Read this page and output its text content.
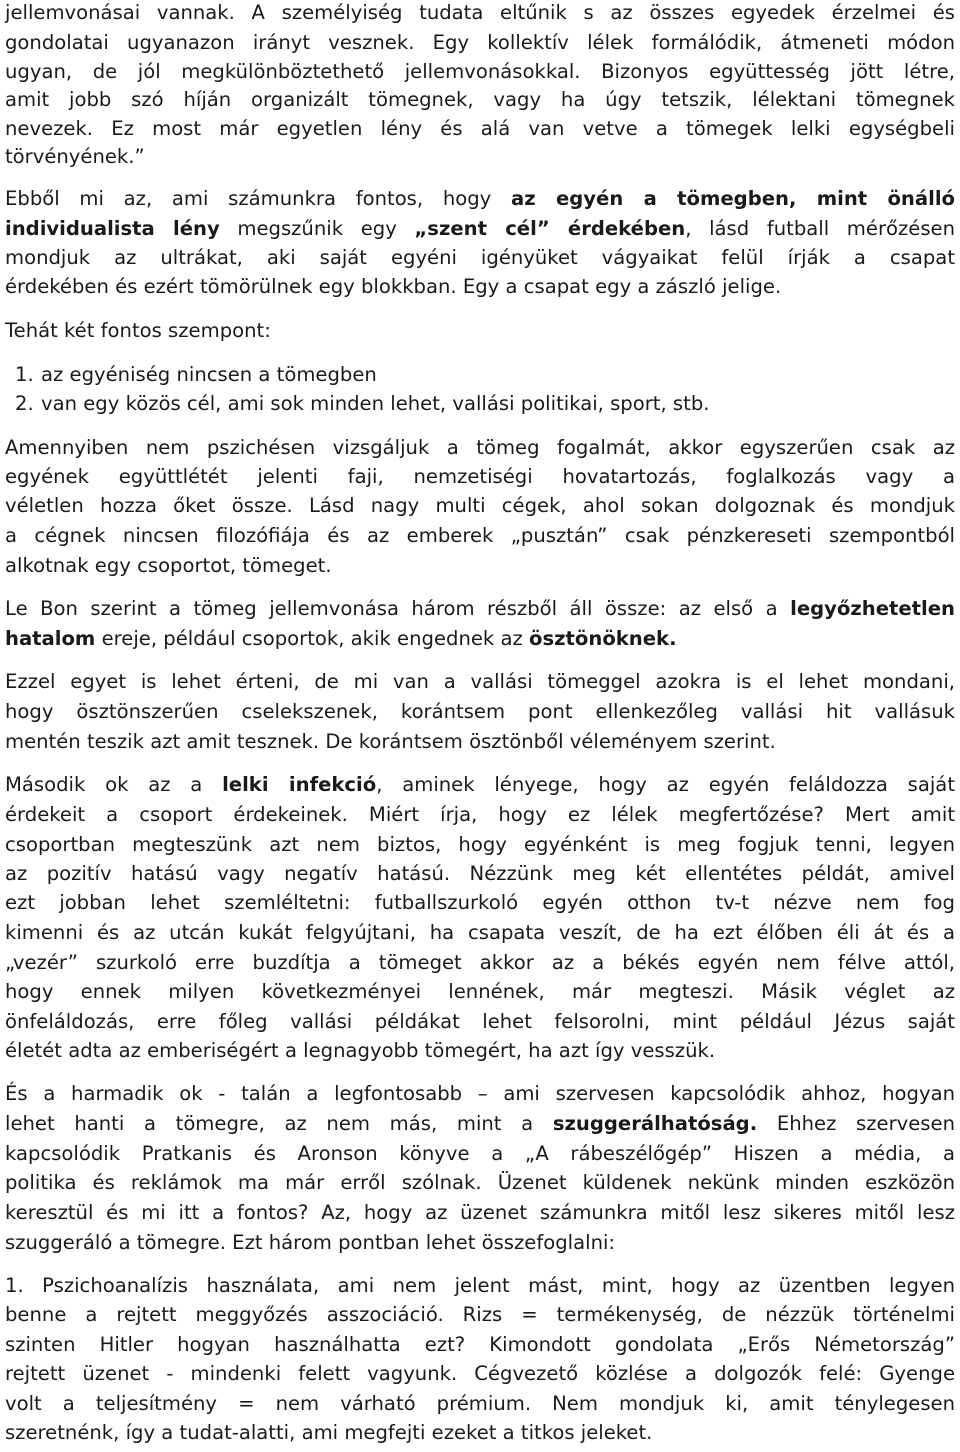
jellemvonásai vannak. A személyiség tudata eltűnik s az összes egyedek érzelmei és
gondolatai ugyanazon irányt vesznek. Egy kollektív lélek formálódik, átmeneti módon
ugyan, de jól megkülönböztethető jellemvonásokkal. Bizonyos együttesség jött létre,
amit jobb szó híján organizált tömegnek, vagy ha úgy tetszik, lélektani tömegnek
nevezek. Ez most már egyetlen lény és alá van vetve a tömegek lelki egységbeli
törvényének.”
Ebből mi az, ami számunkra fontos, hogy az egyén a tömegben, mint önálló
individualista lény megszűnik egy „szent cél” érdekében, lásd futball mérőzésen
mondjuk az ultrákat, aki saját egyéni igényüket vágyaikat felül írják a csapat
érdekében és ezért tömörülnek egy blokkban. Egy a csapat egy a zászló jelige.
Tehát két fontos szempont:
1. az egyéniség nincsen a tömegben
2. van egy közös cél, ami sok minden lehet, vallási politikai, sport, stb.
Amennyiben nem pszichésen vizsgáljuk a tömeg fogalmát, akkor egyszerűen csak az
egyének együttlétét jelenti faji, nemzetiségi hovatartozás, foglalkozás vagy a
véletlen hozza őket össze. Lásd nagy multi cégek, ahol sokan dolgoznak és mondjuk
a cégnek nincsen filozófiája és az emberek „pusztán” csak pénzkereseti szempontból
alkotnak egy csoportot, tömeget.
Le Bon szerint a tömeg jellemvonása három részből áll össze: az első a legyőzhetetlen
hatalom ereje, például csoportok, akik engednek az ösztönöknek.
Ezzel egyet is lehet érteni, de mi van a vallási tömeggel azokra is el lehet mondani,
hogy ösztönszerűen cselekszenek, korántsem pont ellenkezőleg vallási hit vallásuk
mentén teszik azt amit tesznek. De korántsem ösztönből véleményem szerint.
Második ok az a lelki infekció, aminek lényege, hogy az egyén feláldozza saját
érdekeit a csoport érdekeinek. Miért írja, hogy ez lélek megfertőzése? Mert amit
csoportban megteszünk azt nem biztos, hogy egyénként is meg fogjuk tenni, legyen
az pozitív hatású vagy negatív hatású. Nézzünk meg két ellentétes példát, amivel
ezt jobban lehet szemléltetni: futballszurkoló egyén otthon tv-t nézve nem fog
kimenni és az utcán kukát felgyújtani, ha csapata veszít, de ha ezt élőben éli át és a
„vezér” szurkoló erre buzdítja a tömeget akkor az a békés egyén nem félve attól,
hogy ennek milyen következményei lennének, már megteszi. Másik véglet az
önfeláldozás, erre főleg vallási példákat lehet felsorolni, mint például Jézus saját
életét adta az emberiségért a legnagyobb tömegért, ha azt így vesszük.
És a harmadik ok - talán a legfontosabb – ami szervesen kapcsolódik ahhoz, hogyan
lehet hanti a tömegre, az nem más, mint a szuggerálhatóság. Ehhez szervesen
kapcsolódik Pratkanis és Aronson könyve a „A rábeszélőgép” Hiszen a média, a
politika és reklámok ma már erről szólnak. Üzenet küldenek nekünk minden eszközön
keresztül és mi itt a fontos? Az, hogy az üzenet számunkra mitől lesz sikeres mitől lesz
szuggeráló a tömegre. Ezt három pontban lehet összefoglalni:
1. Pszichoanalízis használata, ami nem jelent mást, mint, hogy az üzentben legyen
benne a rejtett meggyőzés asszociáció. Rizs = termékenység, de nézzük történelmi
szinten Hitler hogyan használhatta ezt? Kimondott gondolata „Erős Németország”
rejtett üzenet - mindenki felett vagyunk. Cégvezető közlése a dolgozók felé: Gyenge
volt a teljesítmény = nem várható prémium. Nem mondjuk ki, amit ténylegesen
szeretnénk, így a tudat-alatti, ami megfejti ezeket a titkos jeleket.
